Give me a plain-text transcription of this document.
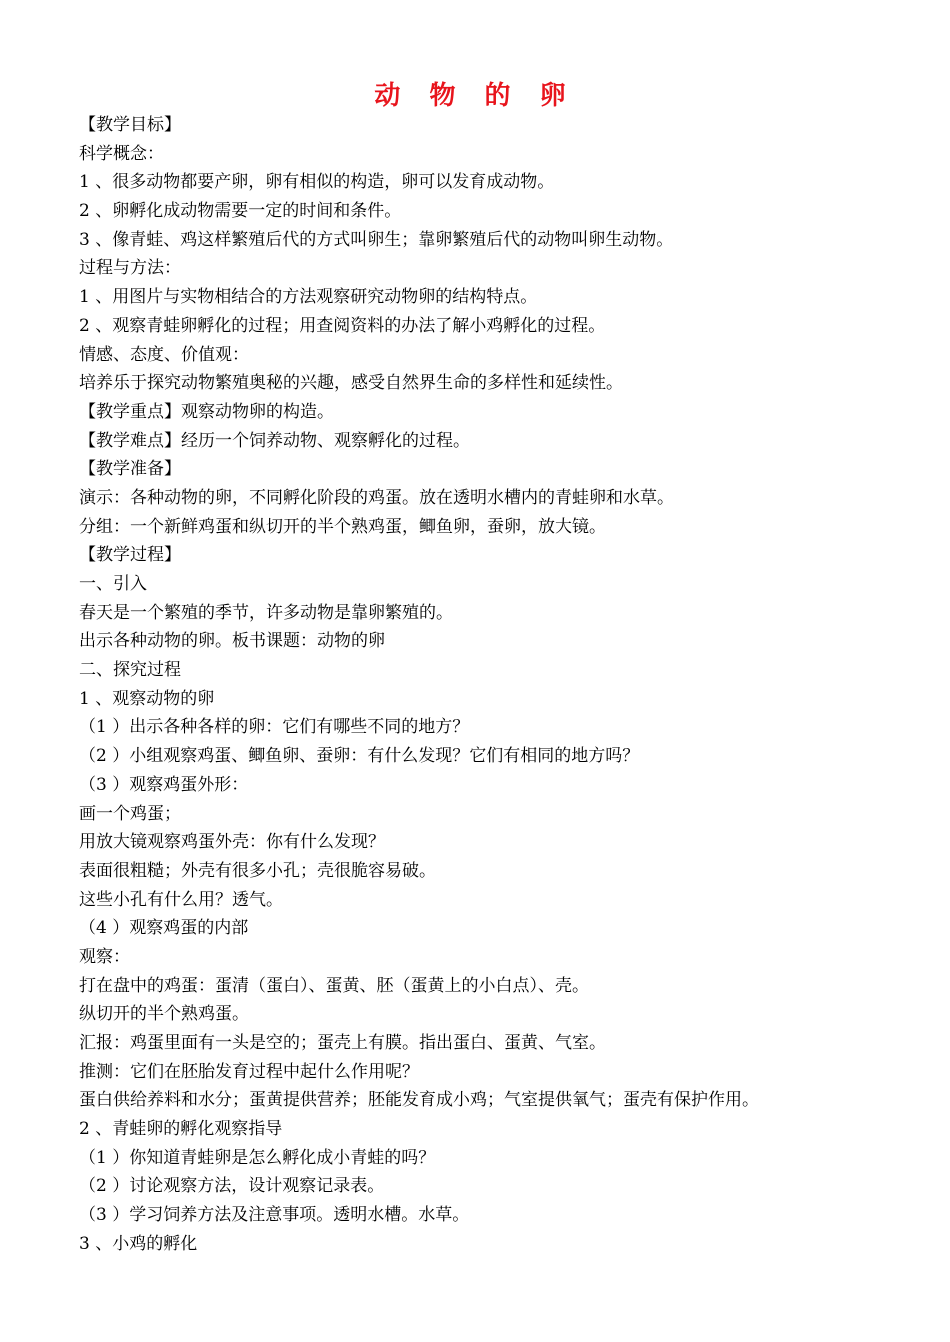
动 物 的 卵
【教学目标】
科学概念：
1 、很多动物都要产卵，卵有相似的构造，卵可以发育成动物。
2 、卵孵化成动物需要一定的时间和条件。
3 、像青蛙、鸡这样繁殖后代的方式叫卵生；靠卵繁殖后代的动物叫卵生动物。
过程与方法：
1 、用图片与实物相结合的方法观察研究动物卵的结构特点。
2 、观察青蛙卵孵化的过程；用查阅资料的办法了解小鸡孵化的过程。
情感、态度、价值观：
培养乐于探究动物繁殖奥秘的兴趣，感受自然界生命的多样性和延续性。
【教学重点】观察动物卵的构造。
【教学难点】经历一个饲养动物、观察孵化的过程。
【教学准备】
演示：各种动物的卵，不同孵化阶段的鸡蛋。放在透明水槽内的青蛙卵和水草。
分组：一个新鲜鸡蛋和纵切开的半个熟鸡蛋，鲫鱼卵，蚕卵，放大镜。
【教学过程】
一、引入
春天是一个繁殖的季节，许多动物是靠卵繁殖的。
出示各种动物的卵。板书课题：动物的卵
二、探究过程
1 、观察动物的卵
（1 ）出示各种各样的卵：它们有哪些不同的地方？
（2 ）小组观察鸡蛋、鲫鱼卵、蚕卵：有什么发现？它们有相同的地方吗？
（3 ）观察鸡蛋外形：
画一个鸡蛋；
用放大镜观察鸡蛋外壳：你有什么发现？
表面很粗糙；外壳有很多小孔；壳很脆容易破。
这些小孔有什么用？透气。
（4 ）观察鸡蛋的内部
观察：
打在盘中的鸡蛋：蛋清（蛋白）、蛋黄、胚（蛋黄上的小白点）、壳。
纵切开的半个熟鸡蛋。
汇报：鸡蛋里面有一头是空的；蛋壳上有膜。指出蛋白、蛋黄、气室。
推测：它们在胚胎发育过程中起什么作用呢？
蛋白供给养料和水分；蛋黄提供营养；胚能发育成小鸡；气室提供氧气；蛋壳有保护作用。
2 、青蛙卵的孵化观察指导
（1 ）你知道青蛙卵是怎么孵化成小青蛙的吗？
（2 ）讨论观察方法，设计观察记录表。
（3 ）学习饲养方法及注意事项。透明水槽。水草。
3 、小鸡的孵化
